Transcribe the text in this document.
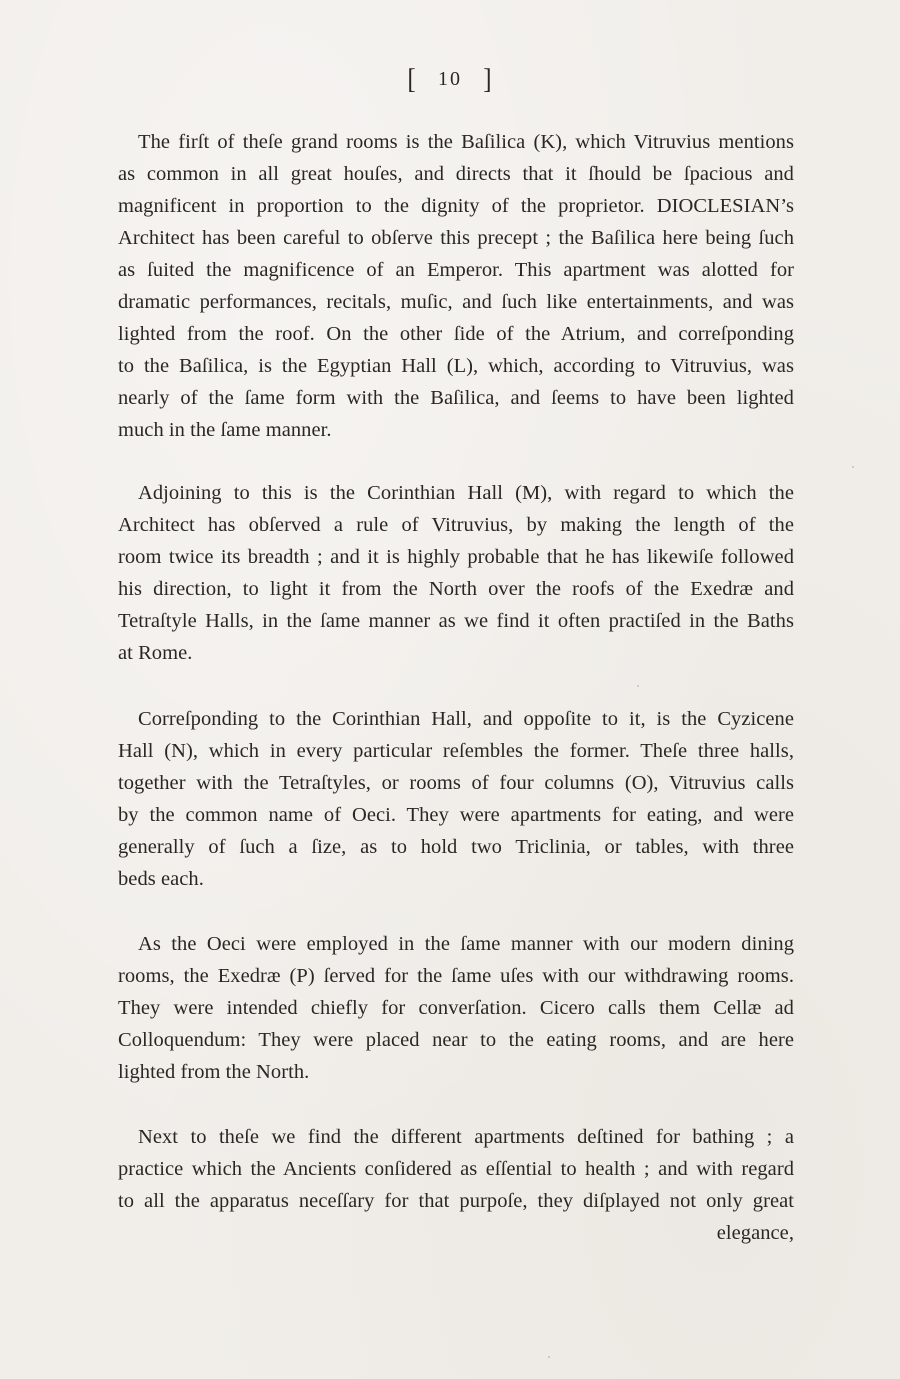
[ 10 ]
The firſt of theſe grand rooms is the Baſilica (K), which Vitruvius mentions
as common in all great houſes, and directs that it ſhould be ſpacious and
magnificent in proportion to the dignity of the proprietor. DIOCLESIAN’s
Architect has been careful to obſerve this precept ; the Baſilica here being ſuch
as ſuited the magnificence of an Emperor. This apartment was alotted for
dramatic performances, recitals, muſic, and ſuch like entertainments, and was
lighted from the roof. On the other ſide of the Atrium, and correſponding
to the Baſilica, is the Egyptian Hall (L), which, according to Vitruvius, was
nearly of the ſame form with the Baſilica, and ſeems to have been lighted
much in the ſame manner.
Adjoining to this is the Corinthian Hall (M), with regard to which the
Architect has obſerved a rule of Vitruvius, by making the length of the
room twice its breadth ; and it is highly probable that he has likewiſe followed
his direction, to light it from the North over the roofs of the Exedræ and
Tetraſtyle Halls, in the ſame manner as we find it often practiſed in the Baths
at Rome.
Correſponding to the Corinthian Hall, and oppoſite to it, is the Cyzicene
Hall (N), which in every particular reſembles the former. Theſe three halls,
together with the Tetraſtyles, or rooms of four columns (O), Vitruvius calls
by the common name of Oeci. They were apartments for eating, and were
generally of ſuch a ſize, as to hold two Triclinia, or tables, with three
beds each.
As the Oeci were employed in the ſame manner with our modern dining
rooms, the Exedræ (P) ſerved for the ſame uſes with our withdrawing rooms.
They were intended chiefly for converſation. Cicero calls them Cellæ ad
Colloquendum: They were placed near to the eating rooms, and are here
lighted from the North.
Next to theſe we find the different apartments deſtined for bathing ; a
practice which the Ancients conſidered as eſſential to health ; and with regard
to all the apparatus neceſſary for that purpoſe, they diſplayed not only great
elegance,
